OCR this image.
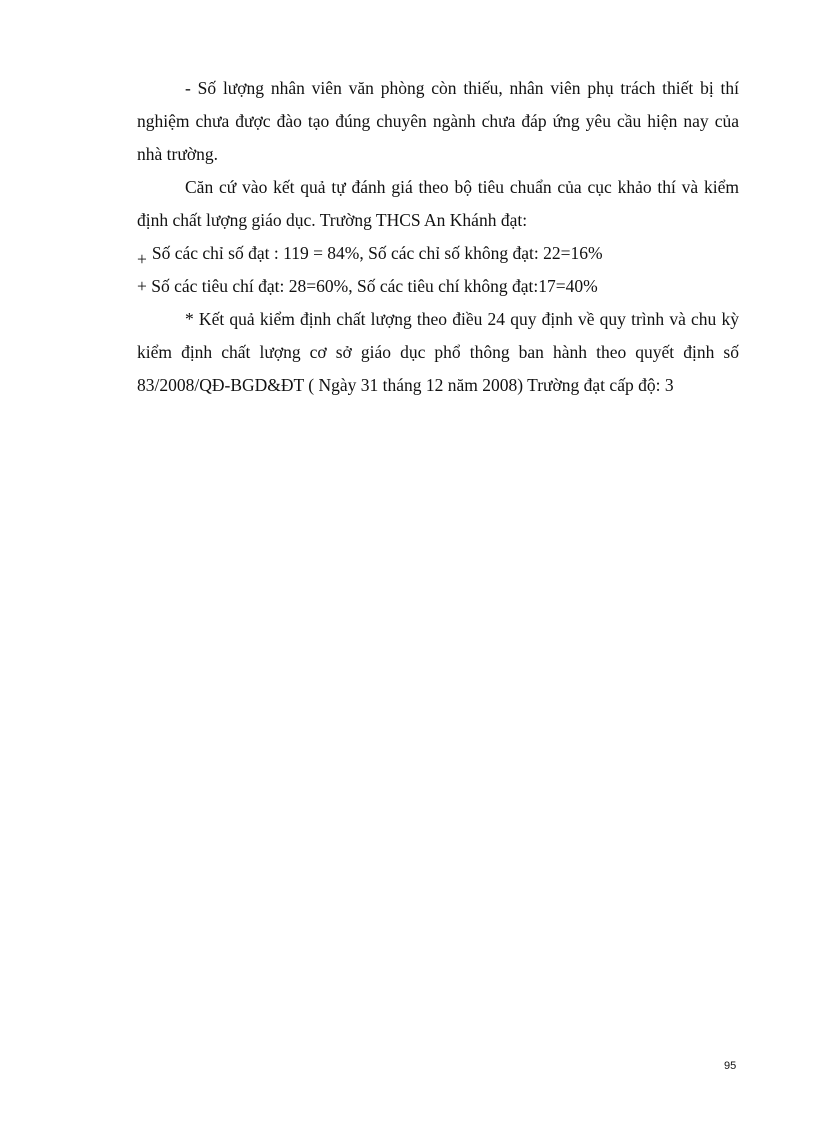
- Số lượng nhân viên văn phòng còn thiếu, nhân viên phụ trách thiết bị thí nghiệm chưa được đào tạo đúng chuyên ngành chưa đáp ứng yêu cầu hiện nay của nhà trường.

Căn cứ vào kết quả tự đánh giá theo bộ tiêu chuẩn của cục khảo thí và kiểm định chất lượng giáo dục. Trường THCS An Khánh đạt:

+ Số các chỉ số đạt : 119 = 84%, Số các chỉ số không đạt: 22=16%

+ Số các tiêu chí đạt: 28=60%, Số các tiêu chí không đạt:17=40%

* Kết quả kiểm định chất lượng theo điều 24 quy định về quy trình và chu kỳ kiểm định chất lượng cơ sở giáo dục phổ thông ban hành theo quyết định số 83/2008/QĐ-BGD&ĐT ( Ngày 31 tháng 12 năm 2008) Trường đạt cấp độ: 3

95
